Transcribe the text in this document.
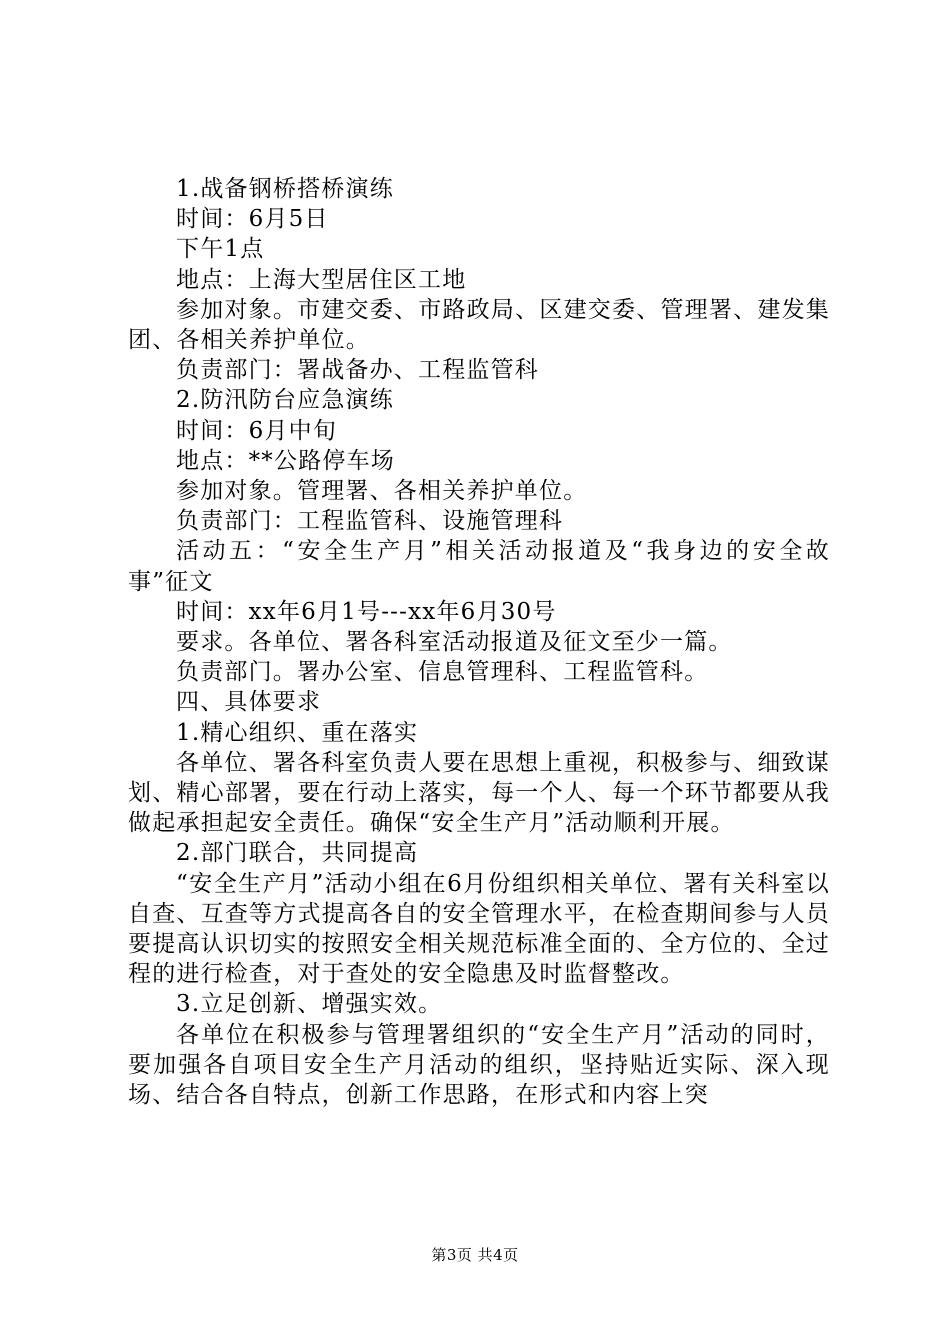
1.战备钢桥搭桥演练

时间：6月5日

下午1点

地点：上海大型居住区工地

参加对象。市建交委、市路政局、区建交委、管理署、建发集团、各相关养护单位。

负责部门：署战备办、工程监管科

2.防汛防台应急演练

时间：6月中旬

地点：**公路停车场

参加对象。管理署、各相关养护单位。

负责部门：工程监管科、设施管理科

活动五：“安全生产月”相关活动报道及“我身边的安全故事”征文

时间：xx年6月1号---xx年6月30号

要求。各单位、署各科室活动报道及征文至少一篇。

负责部门。署办公室、信息管理科、工程监管科。

四、具体要求

1.精心组织、重在落实

各单位、署各科室负责人要在思想上重视，积极参与、细致谋划、精心部署，要在行动上落实，每一个人、每一个环节都要从我做起承担起安全责任。确保“安全生产月”活动顺利开展。

2.部门联合，共同提高

“安全生产月”活动小组在6月份组织相关单位、署有关科室以自查、互查等方式提高各自的安全管理水平，在检查期间参与人员要提高认识切实的按照安全相关规范标准全面的、全方位的、全过程的进行检查，对于查处的安全隐患及时监督整改。

3.立足创新、增强实效。

各单位在积极参与管理署组织的“安全生产月”活动的同时，要加强各自项目安全生产月活动的组织，坚持贴近实际、深入现场、结合各自特点，创新工作思路，在形式和内容上突

第3页 共4页
